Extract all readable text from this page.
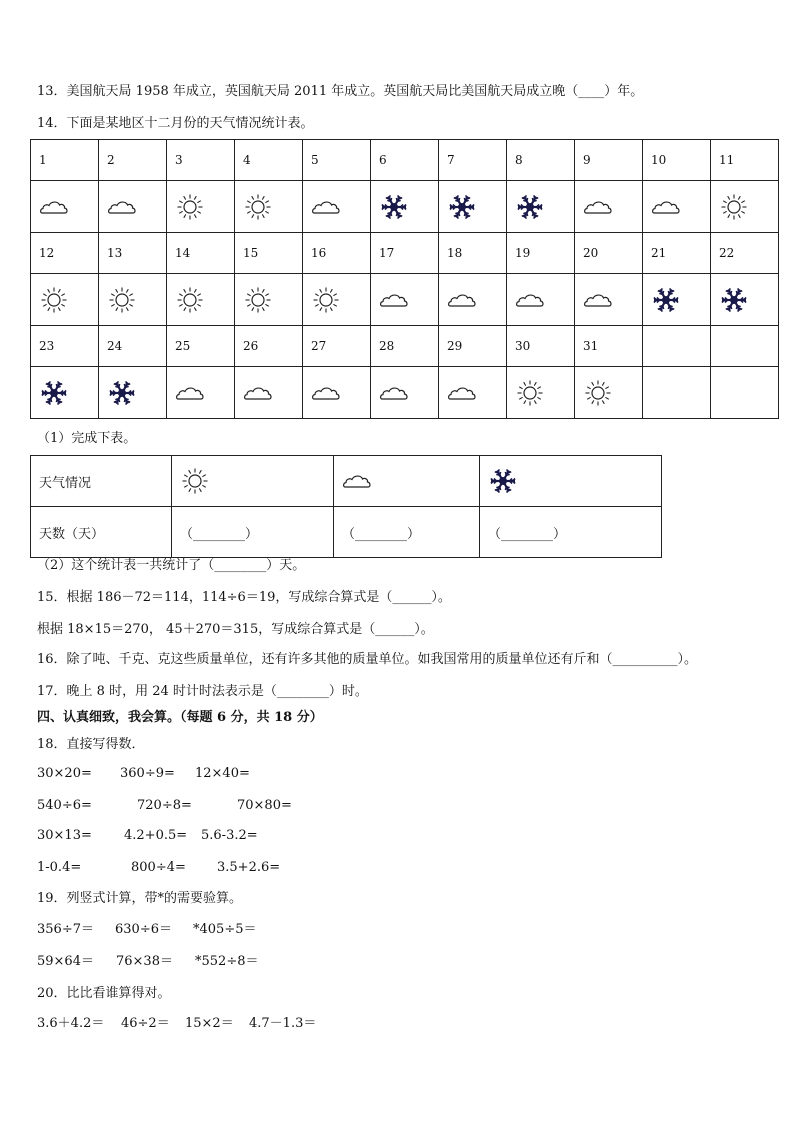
13．美国航天局 1958 年成立，英国航天局 2011 年成立。英国航天局比美国航天局成立晚（____）年。
14．下面是某地区十二月份的天气情况统计表。
1	2	3	4	5	6	7	8	9	10	11

12	13	14	15	16	17	18	19	20	21	22

23	24	25	26	27	28	29	30	31		

（1）完成下表。
天气情况	

天数（天）	（________）	（________）	（________）
（2）这个统计表一共统计了（________）天。
15．根据 186－72＝114，114÷6＝19，写成综合算式是（______）。
根据 18×15＝270， 45＋270＝315，写成综合算式是（______）。
16．除了吨、千克、克这些质量单位，还有许多其他的质量单位。如我国常用的质量单位还有斤和（__________）。
17．晚上 8 时，用 24 时计时法表示是（________）时。
四、认真细致，我会算。（每题 6 分，共 18 分）
18．直接写得数．
30×20= 360÷9= 12×40=
540÷6=	720÷8=	70×80=
30×13= 4.2+0.5= 5.6-3.2=
1-0.4=	800÷4= 3.5+2.6=
19．列竖式计算，带*的需要验算。
356÷7＝ 630÷6＝ *405÷5＝
59×64＝ 76×38＝ *552÷8＝
20．比比看谁算得对。
3.6＋4.2＝ 46÷2＝ 15×2＝ 4.7－1.3＝
